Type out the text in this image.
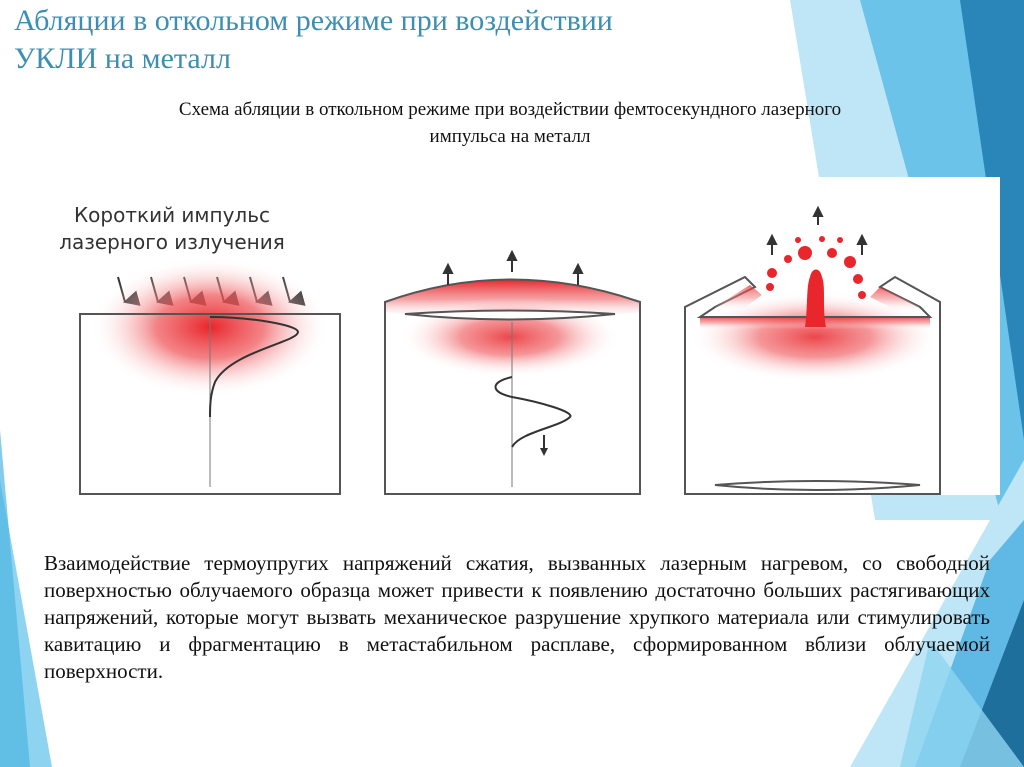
Абляции в откольном режиме при воздействии
УКЛИ на металл
Схема абляции в откольном режиме при воздействии фемтосекундного лазерного
импульса на металл
Короткий импульс
лазерного излучения
Взаимодействие термоупругих напряжений сжатия, вызванных лазерным нагревом, со свободной поверхностью облучаемого образца может привести к появлению достаточно больших растягивающих напряжений, которые могут вызвать механическое разрушение хрупкого материала или стимулировать кавитацию и фрагментацию в метастабильном расплаве, сформированном вблизи облучаемой поверхности.
